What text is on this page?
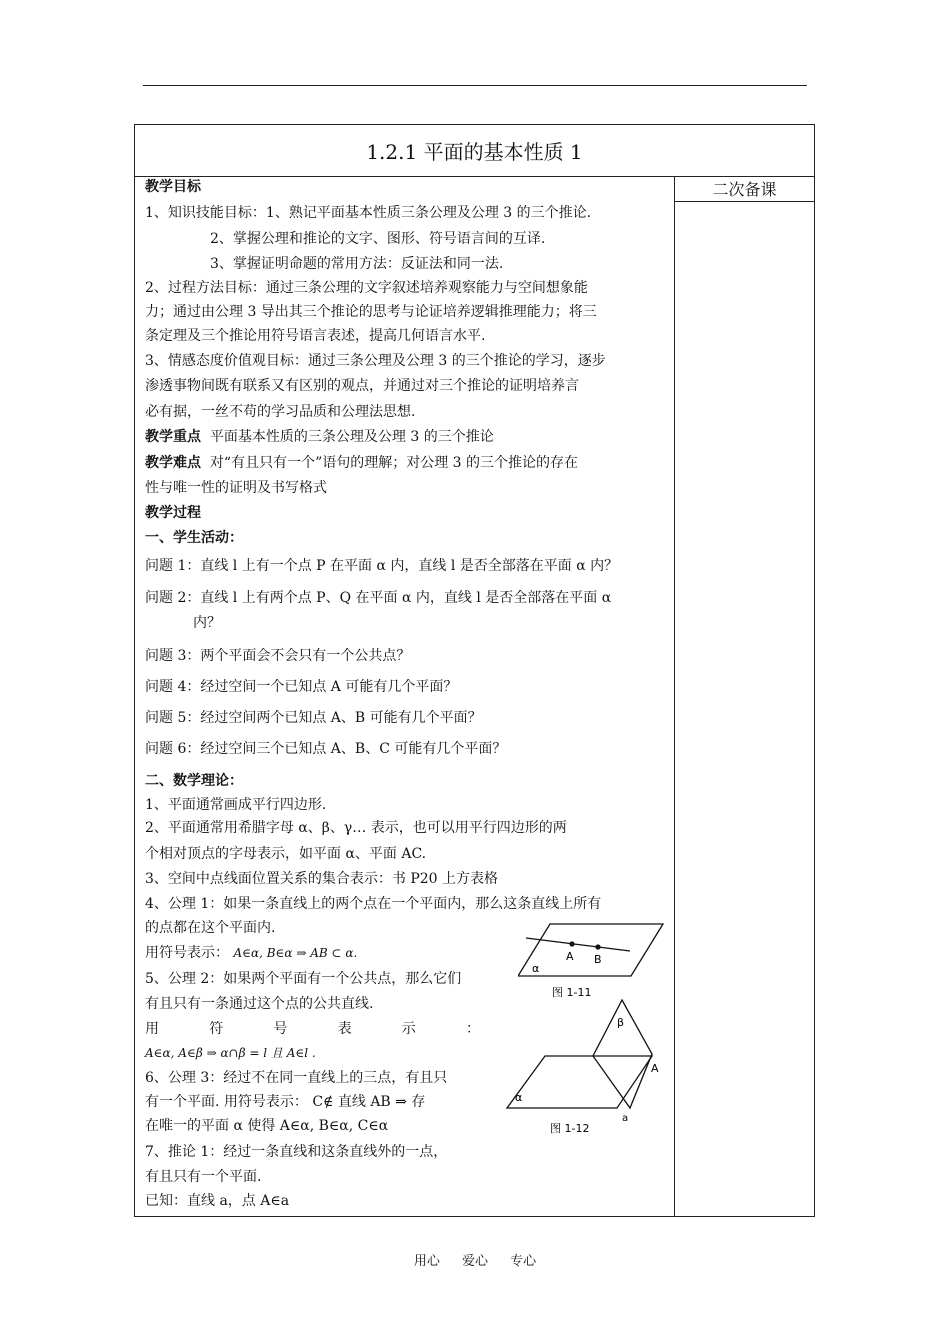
1.2.1 平面的基本性质 1
二次备课
教学目标
1、知识技能目标：1、熟记平面基本性质三条公理及公理 3 的三个推论.
2、掌握公理和推论的文字、图形、符号语言间的互译.
3、掌握证明命题的常用方法：反证法和同一法.
2、过程方法目标：通过三条公理的文字叙述培养观察能力与空间想象能
力；通过由公理 3 导出其三个推论的思考与论证培养逻辑推理能力；将三
条定理及三个推论用符号语言表述，提高几何语言水平.
3、情感态度价值观目标：通过三条公理及公理 3 的三个推论的学习，逐步
渗透事物间既有联系又有区别的观点，并通过对三个推论的证明培养言
必有据，一丝不苟的学习品质和公理法思想.
教学重点 平面基本性质的三条公理及公理 3 的三个推论
教学难点 对“有且只有一个”语句的理解；对公理 3 的三个推论的存在
性与唯一性的证明及书写格式
教学过程
一、学生活动：
问题 1：直线 l 上有一个点 P 在平面 α 内，直线 l 是否全部落在平面 α 内？
问题 2：直线 l 上有两个点 P、Q 在平面 α 内，直线 l 是否全部落在平面 α
内？
问题 3：两个平面会不会只有一个公共点？
问题 4：经过空间一个已知点 A 可能有几个平面？
问题 5：经过空间两个已知点 A、B 可能有几个平面？
问题 6：经过空间三个已知点 A、B、C 可能有几个平面？
二、数学理论：
1、平面通常画成平行四边形.
2、平面通常用希腊字母 α、β、γ… 表示，也可以用平行四边形的两
个相对顶点的字母表示，如平面 α、平面 AC.
3、空间中点线面位置关系的集合表示：书 P20 上方表格
4、公理 1：如果一条直线上的两个点在一个平面内，那么这条直线上所有
的点都在这个平面内.
用符号表示： A∈α, B∈α ⇒ AB ⊂ α.
5、公理 2：如果两个平面有一个公共点，那么它们
有且只有一条通过这个点的公共直线.
用	符	号	表	示	：
A∈α, A∈β ⇒ α∩β = l 且 A∈l .
6、公理 3：经过不在同一直线上的三点，有且只
有一个平面. 用符号表示： C∉ 直线 AB ⇒ 存
在唯一的平面 α 使得 A∈α, B∈α, C∈α
7、推论 1：经过一条直线和这条直线外的一点，
有且只有一个平面.
已知：直线 a，点 A∈a
A B
α
图 1-11
β
A
α
a
图 1-12
用心 爱心 专心
